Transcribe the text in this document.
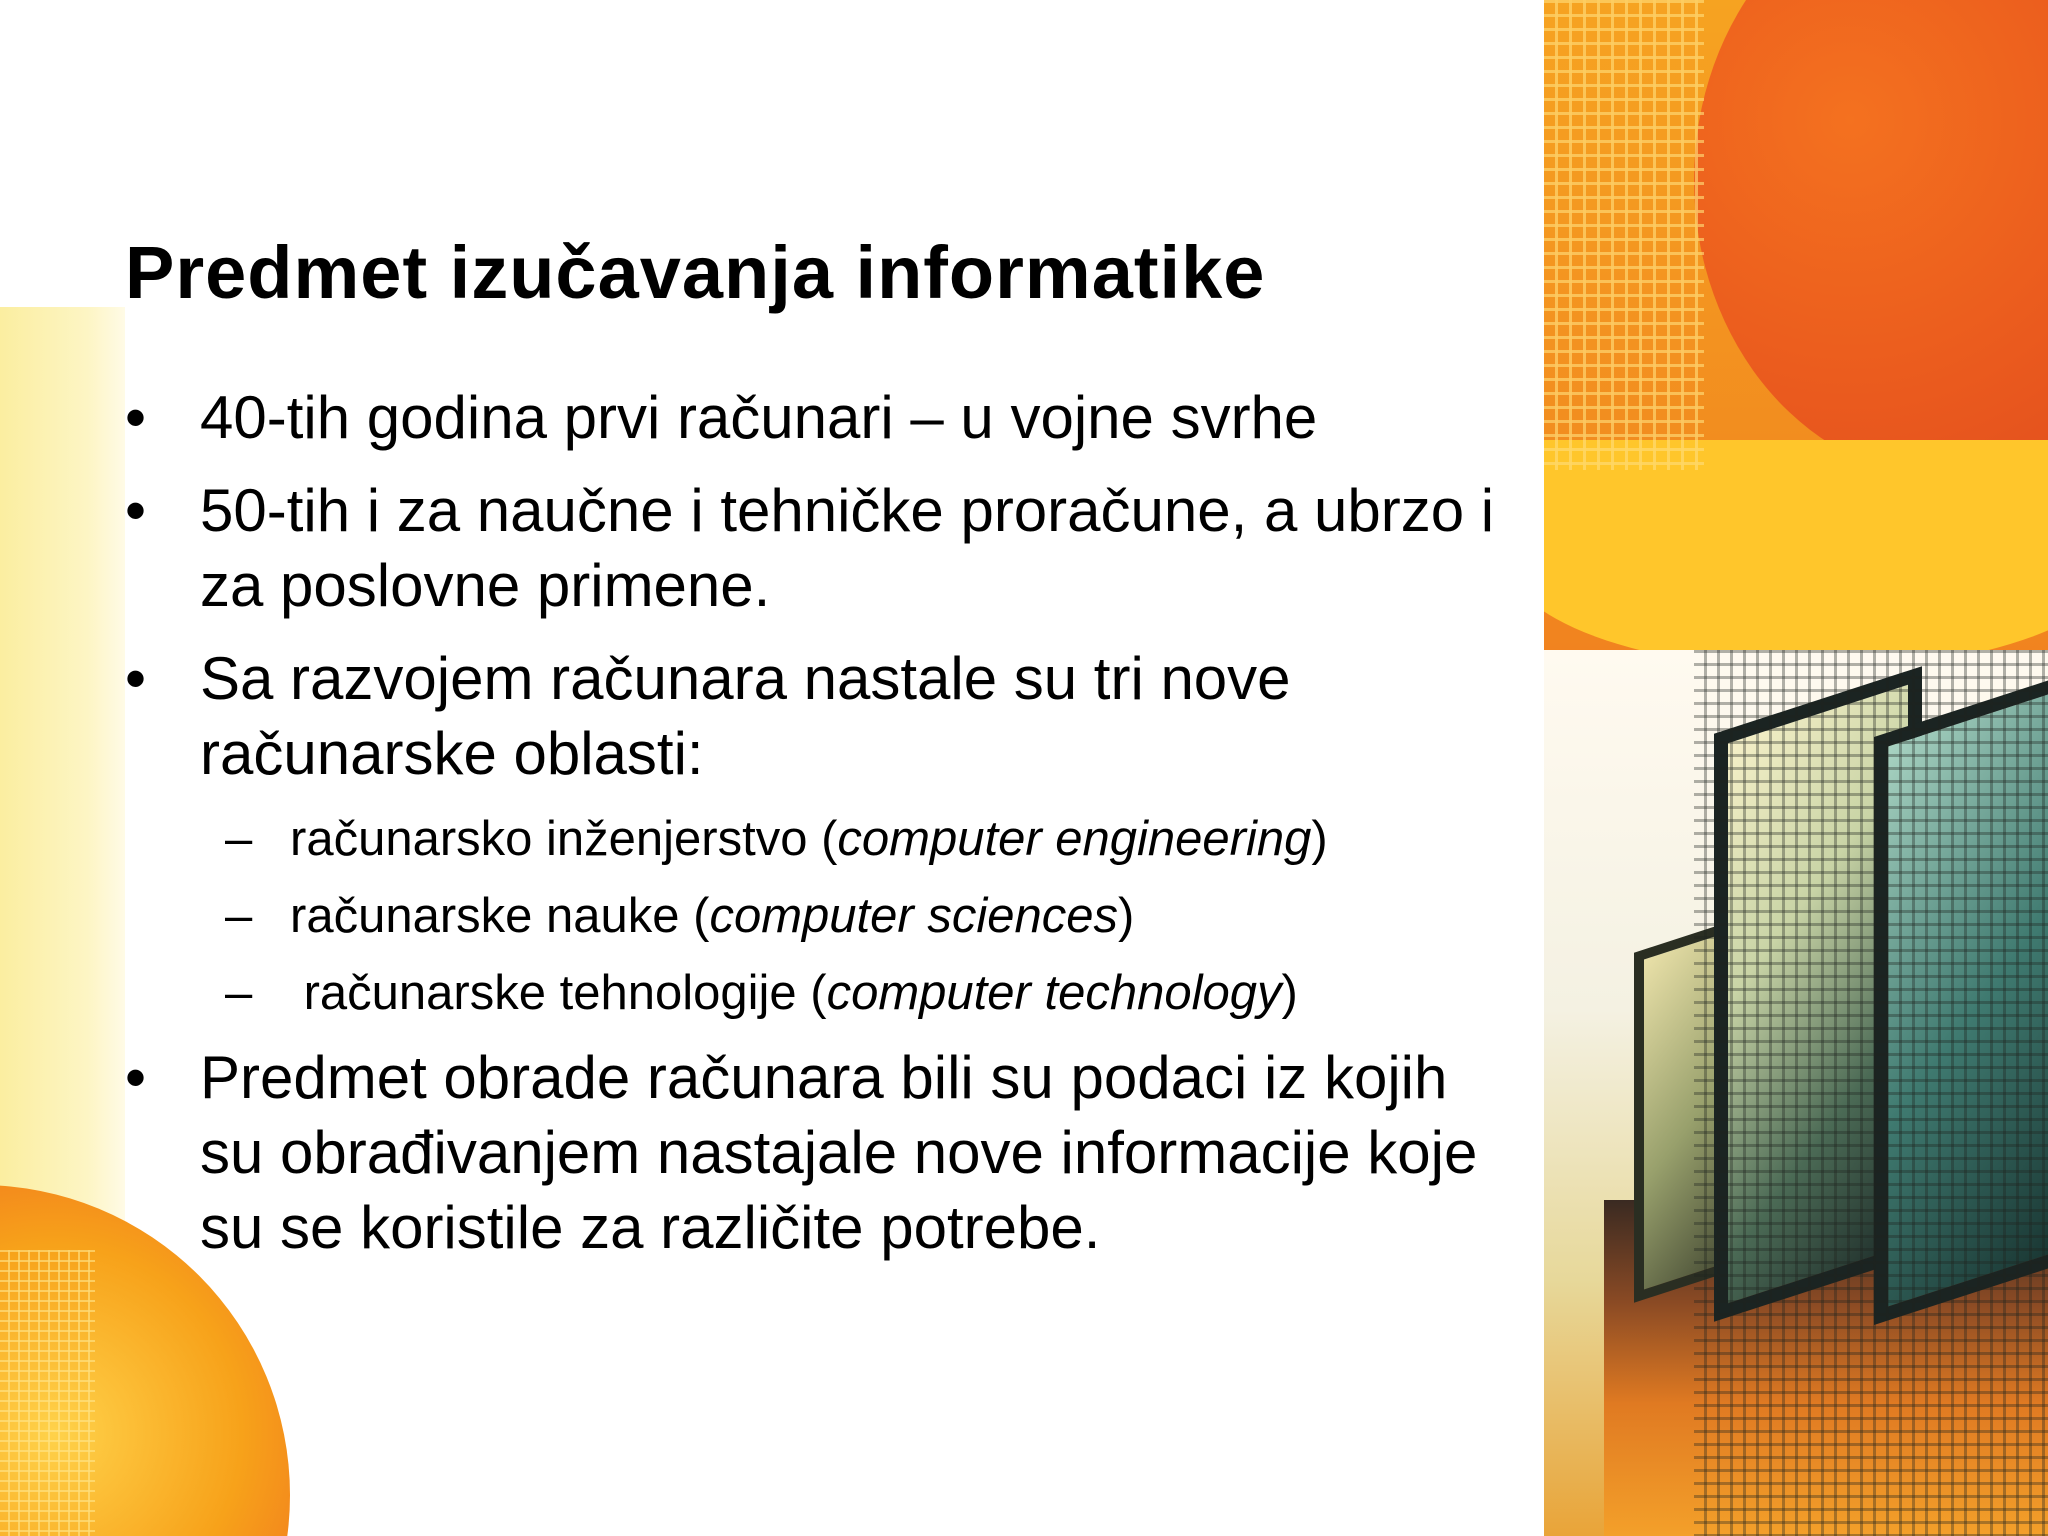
Predmet izučavanja informatike
• 40-tih godina prvi računari – u vojne svrhe
• 50-tih i za naučne i tehničke proračune, a ubrzo i za poslovne primene.
• Sa razvojem računara nastale su tri nove računarske oblasti:
– računarsko inženjerstvo (computer engineering)
– računarske nauke (computer sciences)
– računarske tehnologije (computer technology)
• Predmet obrade računara bili su podaci iz kojih su obrađivanjem nastajale nove informacije koje su se koristile za različite potrebe.
